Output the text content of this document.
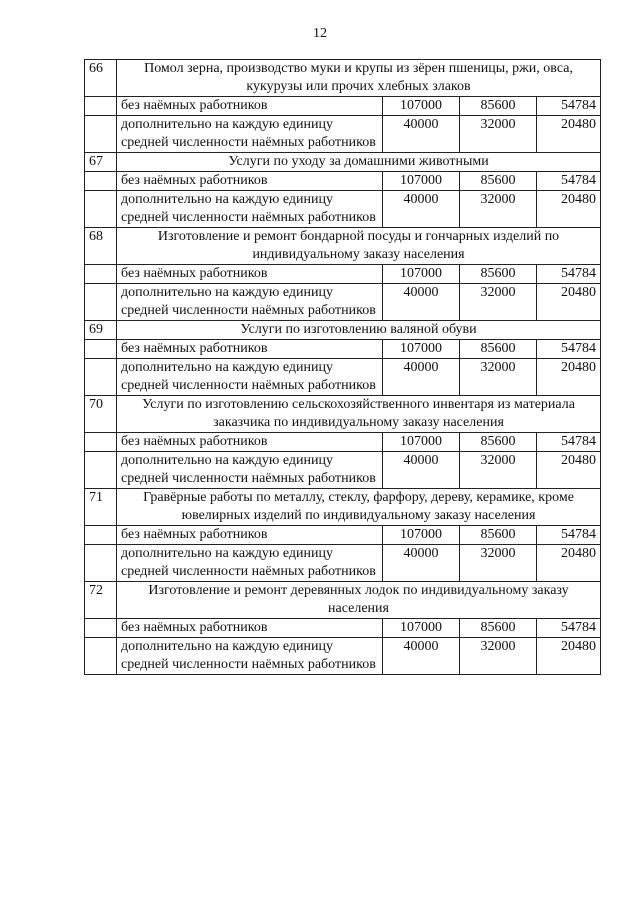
12
66	Помол зерна, производство муки и крупы из зёрен пшеницы, ржи, овса, кукурузы или прочих хлебных злаков			
	без наёмных работников	107000	85600	54784
	дополнительно на каждую единицу средней численности наёмных работников	40000	32000	20480
67	Услуги по уходу за домашними животными			
	без наёмных работников	107000	85600	54784
	дополнительно на каждую единицу средней численности наёмных работников	40000	32000	20480
68	Изготовление и ремонт бондарной посуды и гончарных изделий по индивидуальному заказу населения			
	без наёмных работников	107000	85600	54784
	дополнительно на каждую единицу средней численности наёмных работников	40000	32000	20480
69	Услуги по изготовлению валяной обуви			
	без наёмных работников	107000	85600	54784
	дополнительно на каждую единицу средней численности наёмных работников	40000	32000	20480
70	Услуги по изготовлению сельскохозяйственного инвентаря из материала заказчика по индивидуальному заказу населения			
	без наёмных работников	107000	85600	54784
	дополнительно на каждую единицу средней численности наёмных работников	40000	32000	20480
71	Гравёрные работы по металлу, стеклу, фарфору, дереву, керамике, кроме ювелирных изделий по индивидуальному заказу населения			
	без наёмных работников	107000	85600	54784
	дополнительно на каждую единицу средней численности наёмных работников	40000	32000	20480
72	Изготовление и ремонт деревянных лодок по индивидуальному заказу населения			
	без наёмных работников	107000	85600	54784
	дополнительно на каждую единицу средней численности наёмных работников	40000	32000	20480
